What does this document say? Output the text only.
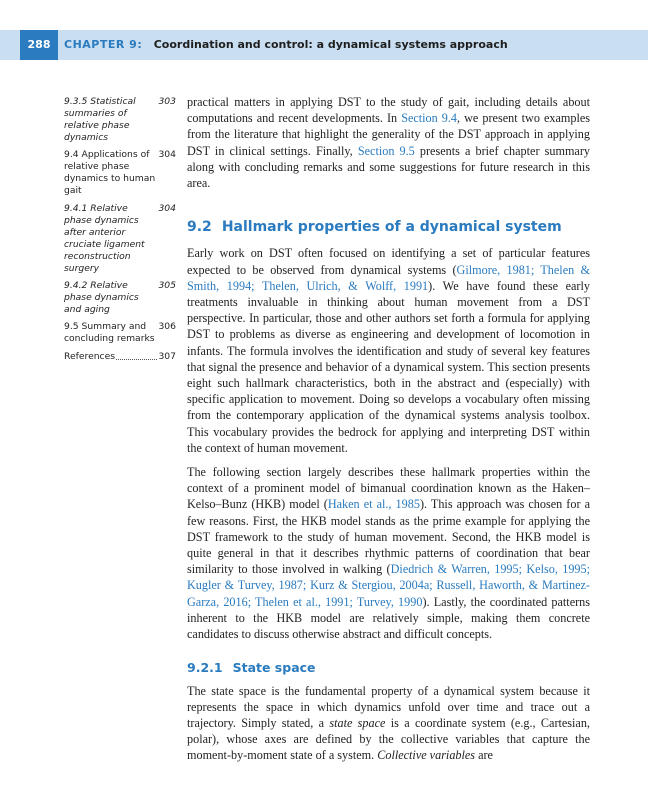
288	CHAPTER 9: Coordination and control: a dynamical systems approach
9.3.5 Statistical summaries of relative phase dynamics
303
9.4 Applications of relative phase dynamics to human gait
304
9.4.1 Relative phase dynamics after anterior cruciate ligament reconstruction surgery
304
9.4.2 Relative phase dynamics and aging
305
9.5 Summary and concluding remarks
306
References	307

practical matters in applying DST to the study of gait, including details about computations and recent developments. In Section 9.4, we present two examples from the literature that highlight the generality of the DST approach in applying DST in clinical settings. Finally, Section 9.5 presents a brief chapter summary along with concluding remarks and some suggestions for future research in this area.

9.2 Hallmark properties of a dynamical system

Early work on DST often focused on identifying a set of particular features expected to be observed from dynamical systems (Gilmore, 1981; Thelen & Smith, 1994; Thelen, Ulrich, & Wolff, 1991). We have found these early treatments invaluable in thinking about human movement from a DST perspective. In particular, those and other authors set forth a formula for applying DST to problems as diverse as engineering and development of locomotion in infants. The formula involves the identification and study of several key features that signal the presence and behavior of a dynamical system. This section presents eight such hallmark characteristics, both in the abstract and (especially) with specific application to movement. Doing so develops a vocabulary often missing from the contemporary application of the dynamical systems analysis toolbox. This vocabulary provides the bedrock for applying and interpreting DST within the context of human movement.

The following section largely describes these hallmark properties within the context of a prominent model of bimanual coordination known as the Haken–Kelso–Bunz (HKB) model (Haken et al., 1985). This approach was chosen for a few reasons. First, the HKB model stands as the prime example for applying the DST framework to the study of human movement. Second, the HKB model is quite general in that it describes rhythmic patterns of coordination that bear similarity to those involved in walking (Diedrich & Warren, 1995; Kelso, 1995; Kugler & Turvey, 1987; Kurz & Stergiou, 2004a; Russell, Haworth, & Martinez-Garza, 2016; Thelen et al., 1991; Turvey, 1990). Lastly, the coordinated patterns inherent to the HKB model are relatively simple, making them concrete candidates to discuss otherwise abstract and difficult concepts.

9.2.1 State space

The state space is the fundamental property of a dynamical system because it represents the space in which dynamics unfold over time and trace out a trajectory. Simply stated, a state space is a coordinate system (e.g., Cartesian, polar), whose axes are defined by the collective variables that capture the moment-by-moment state of a system. Collective variables are
